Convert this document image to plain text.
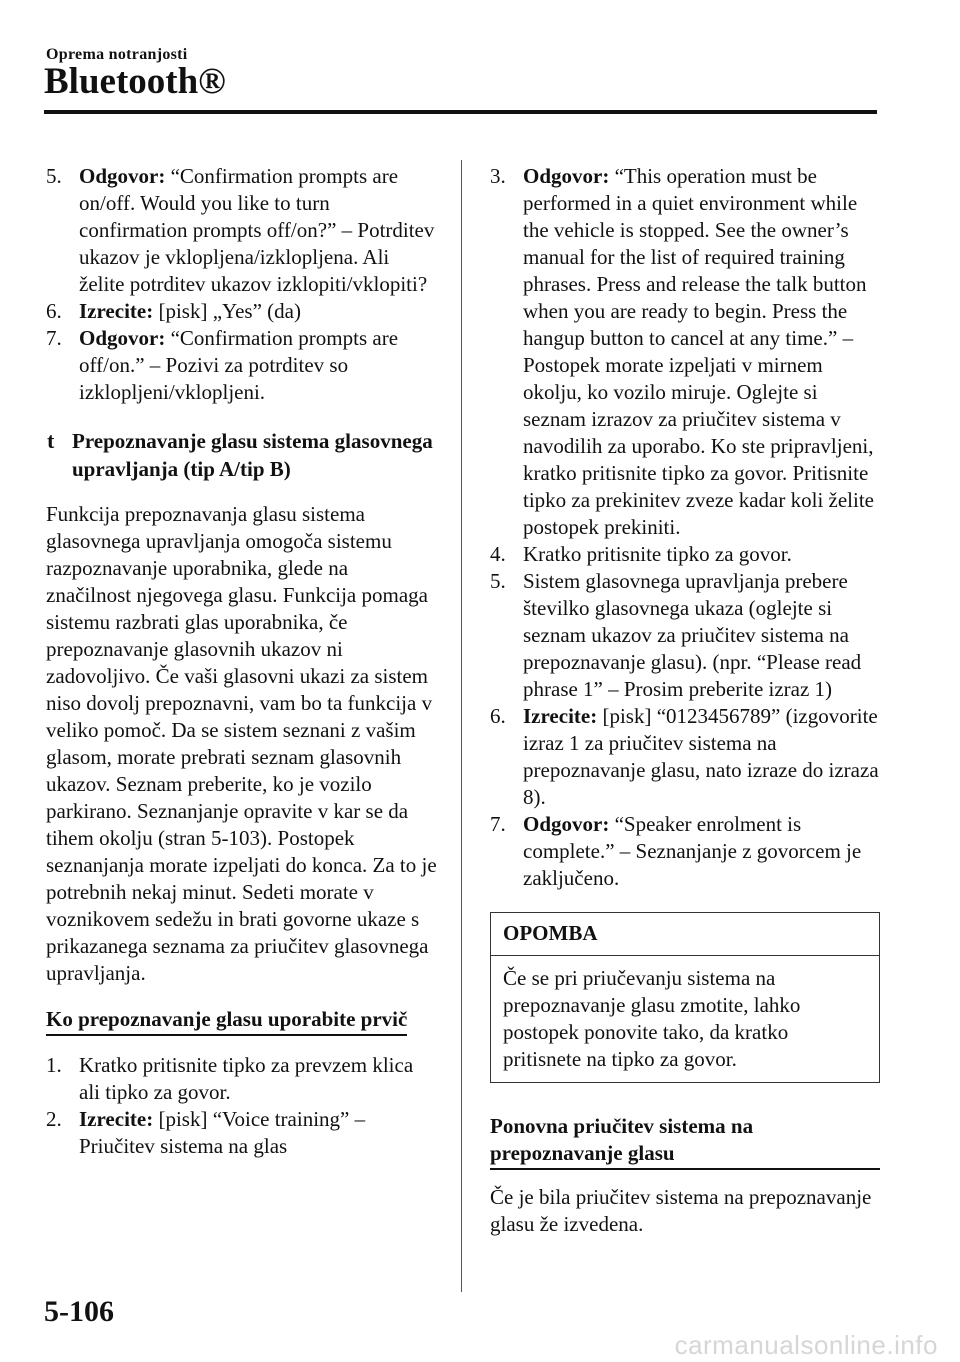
Oprema notranjosti
Bluetooth®
5. Odgovor: “Confirmation prompts are on/off. Would you like to turn confirmation prompts off/on?” – Potrditev ukazov je vklopljena/izklopljena. Ali želite potrditev ukazov izklopiti/vklopiti?
6. Izrecite: [pisk] „Yes” (da)
7. Odgovor: “Confirmation prompts are off/on.” – Pozivi za potrditev so izklopljeni/vklopljeni.
t Prepoznavanje glasu sistema glasovnega upravljanja (tip A/tip B)

Funkcija prepoznavanja glasu sistema glasovnega upravljanja omogoča sistemu razpoznavanje uporabnika, glede na značilnost njegovega glasu. Funkcija pomaga sistemu razbrati glas uporabnika, če prepoznavanje glasovnih ukazov ni zadovoljivo. Če vaši glasovni ukazi za sistem niso dovolj prepoznavni, vam bo ta funkcija v veliko pomoč. Da se sistem seznani z vašim glasom, morate prebrati seznam glasovnih ukazov. Seznam preberite, ko je vozilo parkirano. Seznanjanje opravite v kar se da tihem okolju (stran 5-103). Postopek seznanjanja morate izpeljati do konca. Za to je potrebnih nekaj minut. Sedeti morate v voznikovem sedežu in brati govorne ukaze s prikazanega seznama za priučitev glasovnega upravljanja.

Ko prepoznavanje glasu uporabite prvič
1. Kratko pritisnite tipko za prevzem klica ali tipko za govor.
2. Izrecite: [pisk] “Voice training” – Priučitev sistema na glas
3. Odgovor: “This operation must be performed in a quiet environment while the vehicle is stopped. See the owner’s manual for the list of required training phrases. Press and release the talk button when you are ready to begin. Press the hangup button to cancel at any time.” – Postopek morate izpeljati v mirnem okolju, ko vozilo miruje. Oglejte si seznam izrazov za priučitev sistema v navodilih za uporabo. Ko ste pripravljeni, kratko pritisnite tipko za govor. Pritisnite tipko za prekinitev zveze kadar koli želite postopek prekiniti.
4. Kratko pritisnite tipko za govor.
5. Sistem glasovnega upravljanja prebere številko glasovnega ukaza (oglejte si seznam ukazov za priučitev sistema na prepoznavanje glasu). (npr. “Please read phrase 1” – Prosim preberite izraz 1)
6. Izrecite: [pisk] “0123456789” (izgovorite izraz 1 za priučitev sistema na prepoznavanje glasu, nato izraze do izraza 8).
7. Odgovor: “Speaker enrolment is complete.” – Seznanjanje z govorcem je zaključeno.
OPOMBA
Če se pri priučevanju sistema na prepoznavanje glasu zmotite, lahko postopek ponovite tako, da kratko pritisnete na tipko za govor.
Ponovna priučitev sistema na prepoznavanje glasu

Če je bila priučitev sistema na prepoznavanje glasu že izvedena.

5-106
carmanualsonline.info
